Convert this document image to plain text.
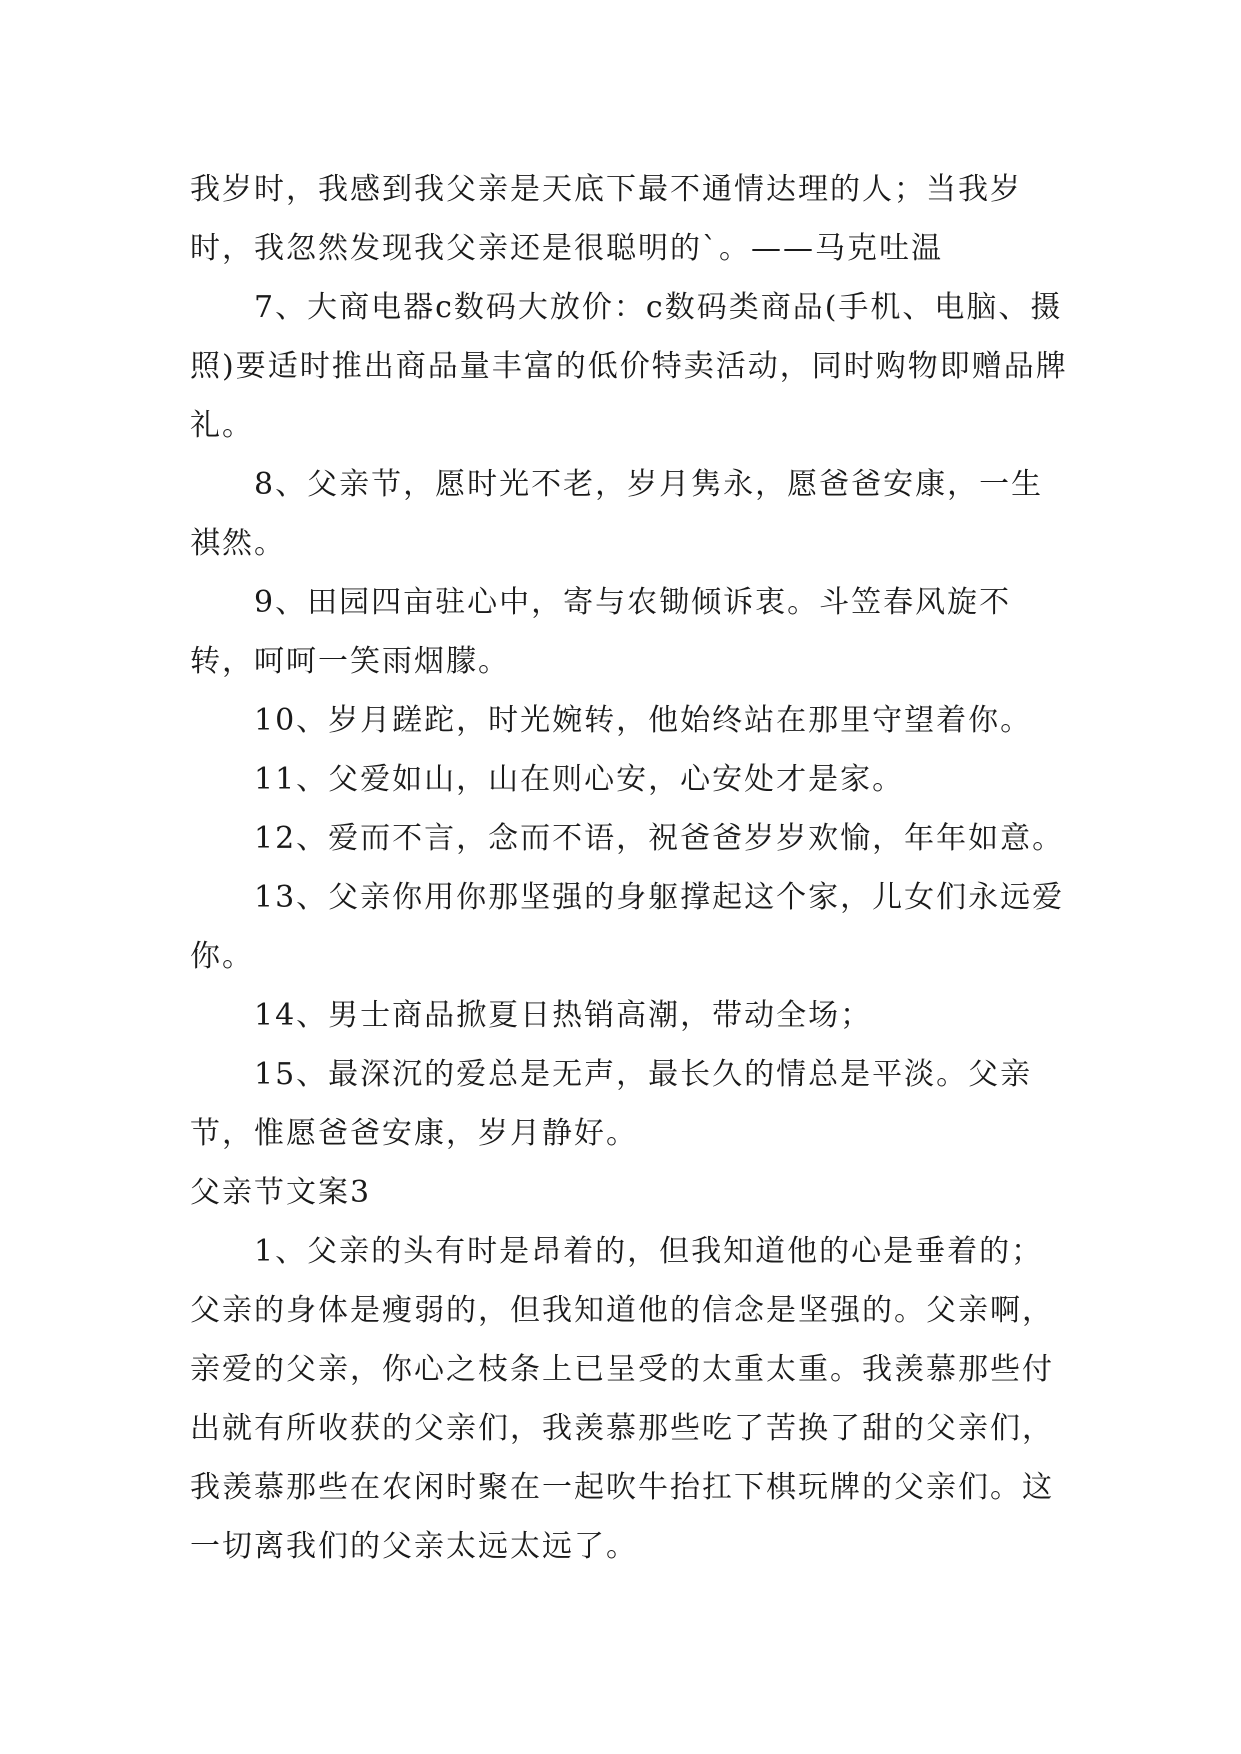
我岁时，我感到我父亲是天底下最不通情达理的人；当我岁时，我忽然发现我父亲还是很聪明的`。——马克吐温

7、大商电器c数码大放价：c数码类商品(手机、电脑、摄照)要适时推出商品量丰富的低价特卖活动，同时购物即赠品牌礼。

8、父亲节，愿时光不老，岁月隽永，愿爸爸安康，一生祺然。

9、田园四亩驻心中，寄与农锄倾诉衷。斗笠春风旋不转，呵呵一笑雨烟朦。

10、岁月蹉跎，时光婉转，他始终站在那里守望着你。

11、父爱如山，山在则心安，心安处才是家。

12、爱而不言，念而不语，祝爸爸岁岁欢愉，年年如意。

13、父亲你用你那坚强的身躯撑起这个家，儿女们永远爱你。

14、男士商品掀夏日热销高潮，带动全场；

15、最深沉的爱总是无声，最长久的情总是平淡。父亲节，惟愿爸爸安康，岁月静好。

父亲节文案3

1、父亲的头有时是昂着的，但我知道他的心是垂着的；父亲的身体是瘦弱的，但我知道他的信念是坚强的。父亲啊，亲爱的父亲，你心之枝条上已呈受的太重太重。我羡慕那些付出就有所收获的父亲们，我羡慕那些吃了苦换了甜的父亲们，我羡慕那些在农闲时聚在一起吹牛抬扛下棋玩牌的父亲们。这一切离我们的父亲太远太远了。
